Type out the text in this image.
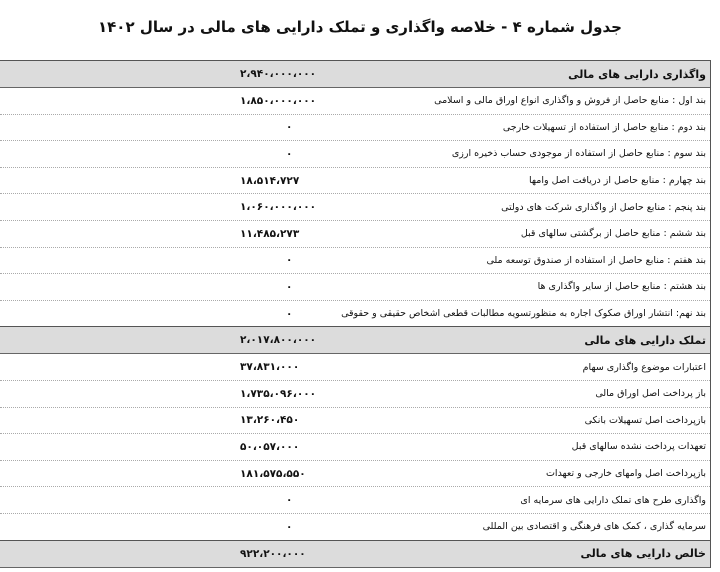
جدول شماره ۴ - خلاصه واگذاری و تملک دارایی های مالی در سال ۱۴۰۲
واگذاری دارایی های مالی
۲،۹۴۰،۰۰۰،۰۰۰
بند اول : منابع حاصل از فروش و واگذاری انواع اوراق مالی و اسلامی
۱،۸۵۰،۰۰۰،۰۰۰
بند دوم : منابع حاصل از استفاده از تسهیلات خارجی
۰
بند سوم : منابع حاصل از استفاده از موجودی حساب ذخیره ارزی
۰
بند چهارم : منابع حاصل از دریافت اصل وامها
۱۸،۵۱۴،۷۲۷
بند پنجم : منابع حاصل از واگذاری شرکت های دولتی
۱،۰۶۰،۰۰۰،۰۰۰
بند ششم : منابع حاصل از برگشتی سالهای قبل
۱۱،۴۸۵،۲۷۳
بند هفتم : منابع حاصل از استفاده از صندوق توسعه ملی
۰
بند هشتم : منابع حاصل از سایر واگذاری ها
۰
بند نهم: انتشار اوراق صکوک اجاره به منظورتسویه مطالبات قطعی اشخاص حقیقی و حقوقی
۰
تملک دارایی های مالی
۲،۰۱۷،۸۰۰،۰۰۰
اعتبارات موضوع واگذاری سهام
۳۷،۸۳۱،۰۰۰
باز پرداخت اصل اوراق مالی
۱،۷۳۵،۰۹۶،۰۰۰
بازپرداخت اصل تسهیلات بانکی
۱۳،۲۶۰،۴۵۰
تعهدات پرداخت نشده سالهای قبل
۵۰،۰۵۷،۰۰۰
بازپرداخت اصل وامهای خارجی و تعهدات
۱۸۱،۵۷۵،۵۵۰
واگذاری طرح های تملک دارایی های سرمایه ای
۰
سرمایه گذاری ، کمک های فرهنگی و اقتصادی بین المللی
۰
خالص دارایی های مالی
۹۲۲،۲۰۰،۰۰۰
